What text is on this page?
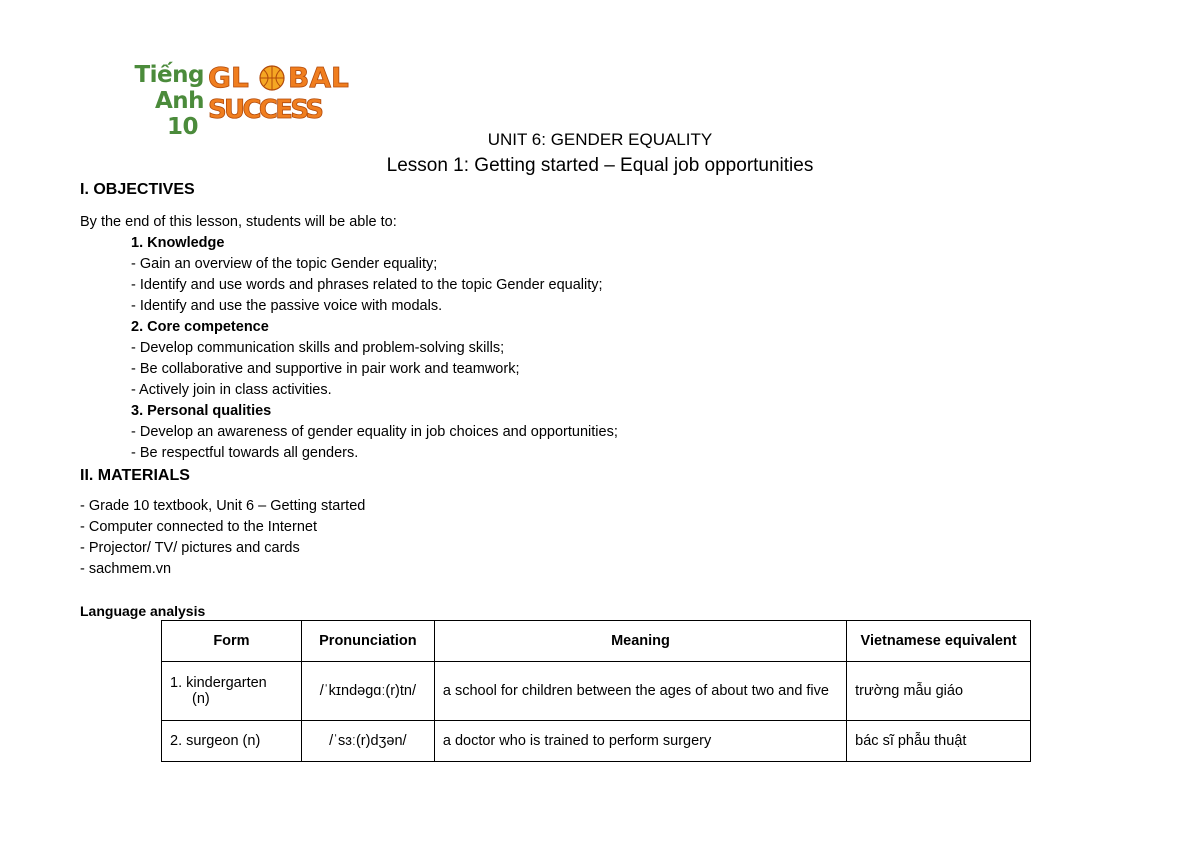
Tiếng Anh
10
GL BAL
SUCCESS
UNIT 6: GENDER EQUALITY
Lesson 1: Getting started – Equal job opportunities
I. OBJECTIVES
By the end of this lesson, students will be able to:
1. Knowledge
- Gain an overview of the topic Gender equality;
- Identify and use words and phrases related to the topic Gender equality;
- Identify and use the passive voice with modals.
2. Core competence
- Develop communication skills and problem-solving skills;
- Be collaborative and supportive in pair work and teamwork;
- Actively join in class activities.
3. Personal qualities
- Develop an awareness of gender equality in job choices and opportunities;
- Be respectful towards all genders.
II. MATERIALS
- Grade 10 textbook, Unit 6 – Getting started
- Computer connected to the Internet
- Projector/ TV/ pictures and cards
- sachmem.vn
Language analysis
Form	Pronunciation	Meaning	Vietnamese equivalent

1. kindergarten
(n)	/ˈkɪndəɡɑː(r)tn/	a school for children between the ages of about two and five	trường mẫu giáo
2. surgeon (n)	/ˈsɜː(r)dʒən/	a doctor who is trained to perform surgery	bác sĩ phẫu thuật
